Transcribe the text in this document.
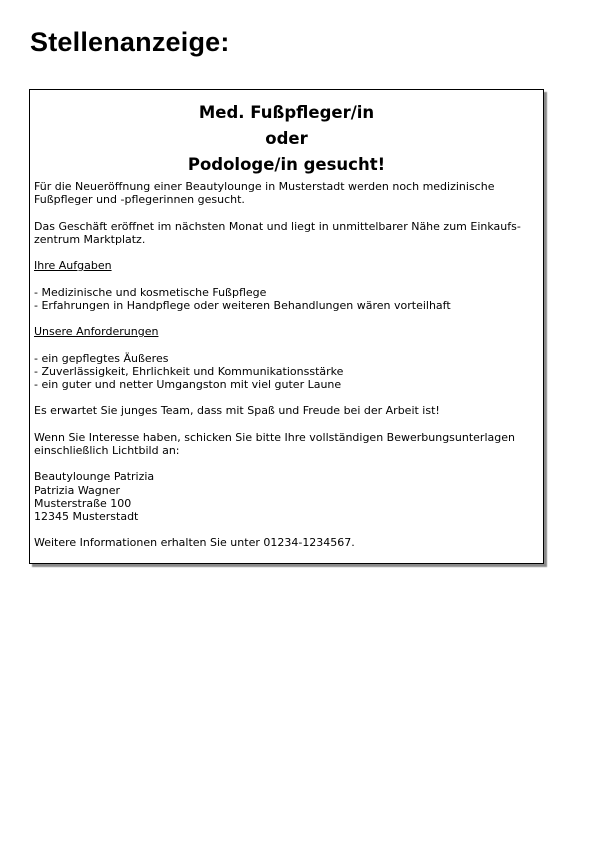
Stellenanzeige:
Med. Fußpfleger/in
oder
Podologe/in gesucht!

Für die Neueröffnung einer Beautylounge in Musterstadt werden noch medizinische
Fußpfleger und -pflegerinnen gesucht.

Das Geschäft eröffnet im nächsten Monat und liegt in unmittelbarer Nähe zum Einkaufs-
zentrum Marktplatz.

Ihre Aufgaben

- Medizinische und kosmetische Fußpflege
- Erfahrungen in Handpflege oder weiteren Behandlungen wären vorteilhaft

Unsere Anforderungen

- ein gepflegtes Äußeres
- Zuverlässigkeit, Ehrlichkeit und Kommunikationsstärke
- ein guter und netter Umgangston mit viel guter Laune

Es erwartet Sie junges Team, dass mit Spaß und Freude bei der Arbeit ist!

Wenn Sie Interesse haben, schicken Sie bitte Ihre vollständigen Bewerbungsunterlagen
einschließlich Lichtbild an:

Beautylounge Patrizia
Patrizia Wagner
Musterstraße 100
12345 Musterstadt

Weitere Informationen erhalten Sie unter 01234-1234567.
